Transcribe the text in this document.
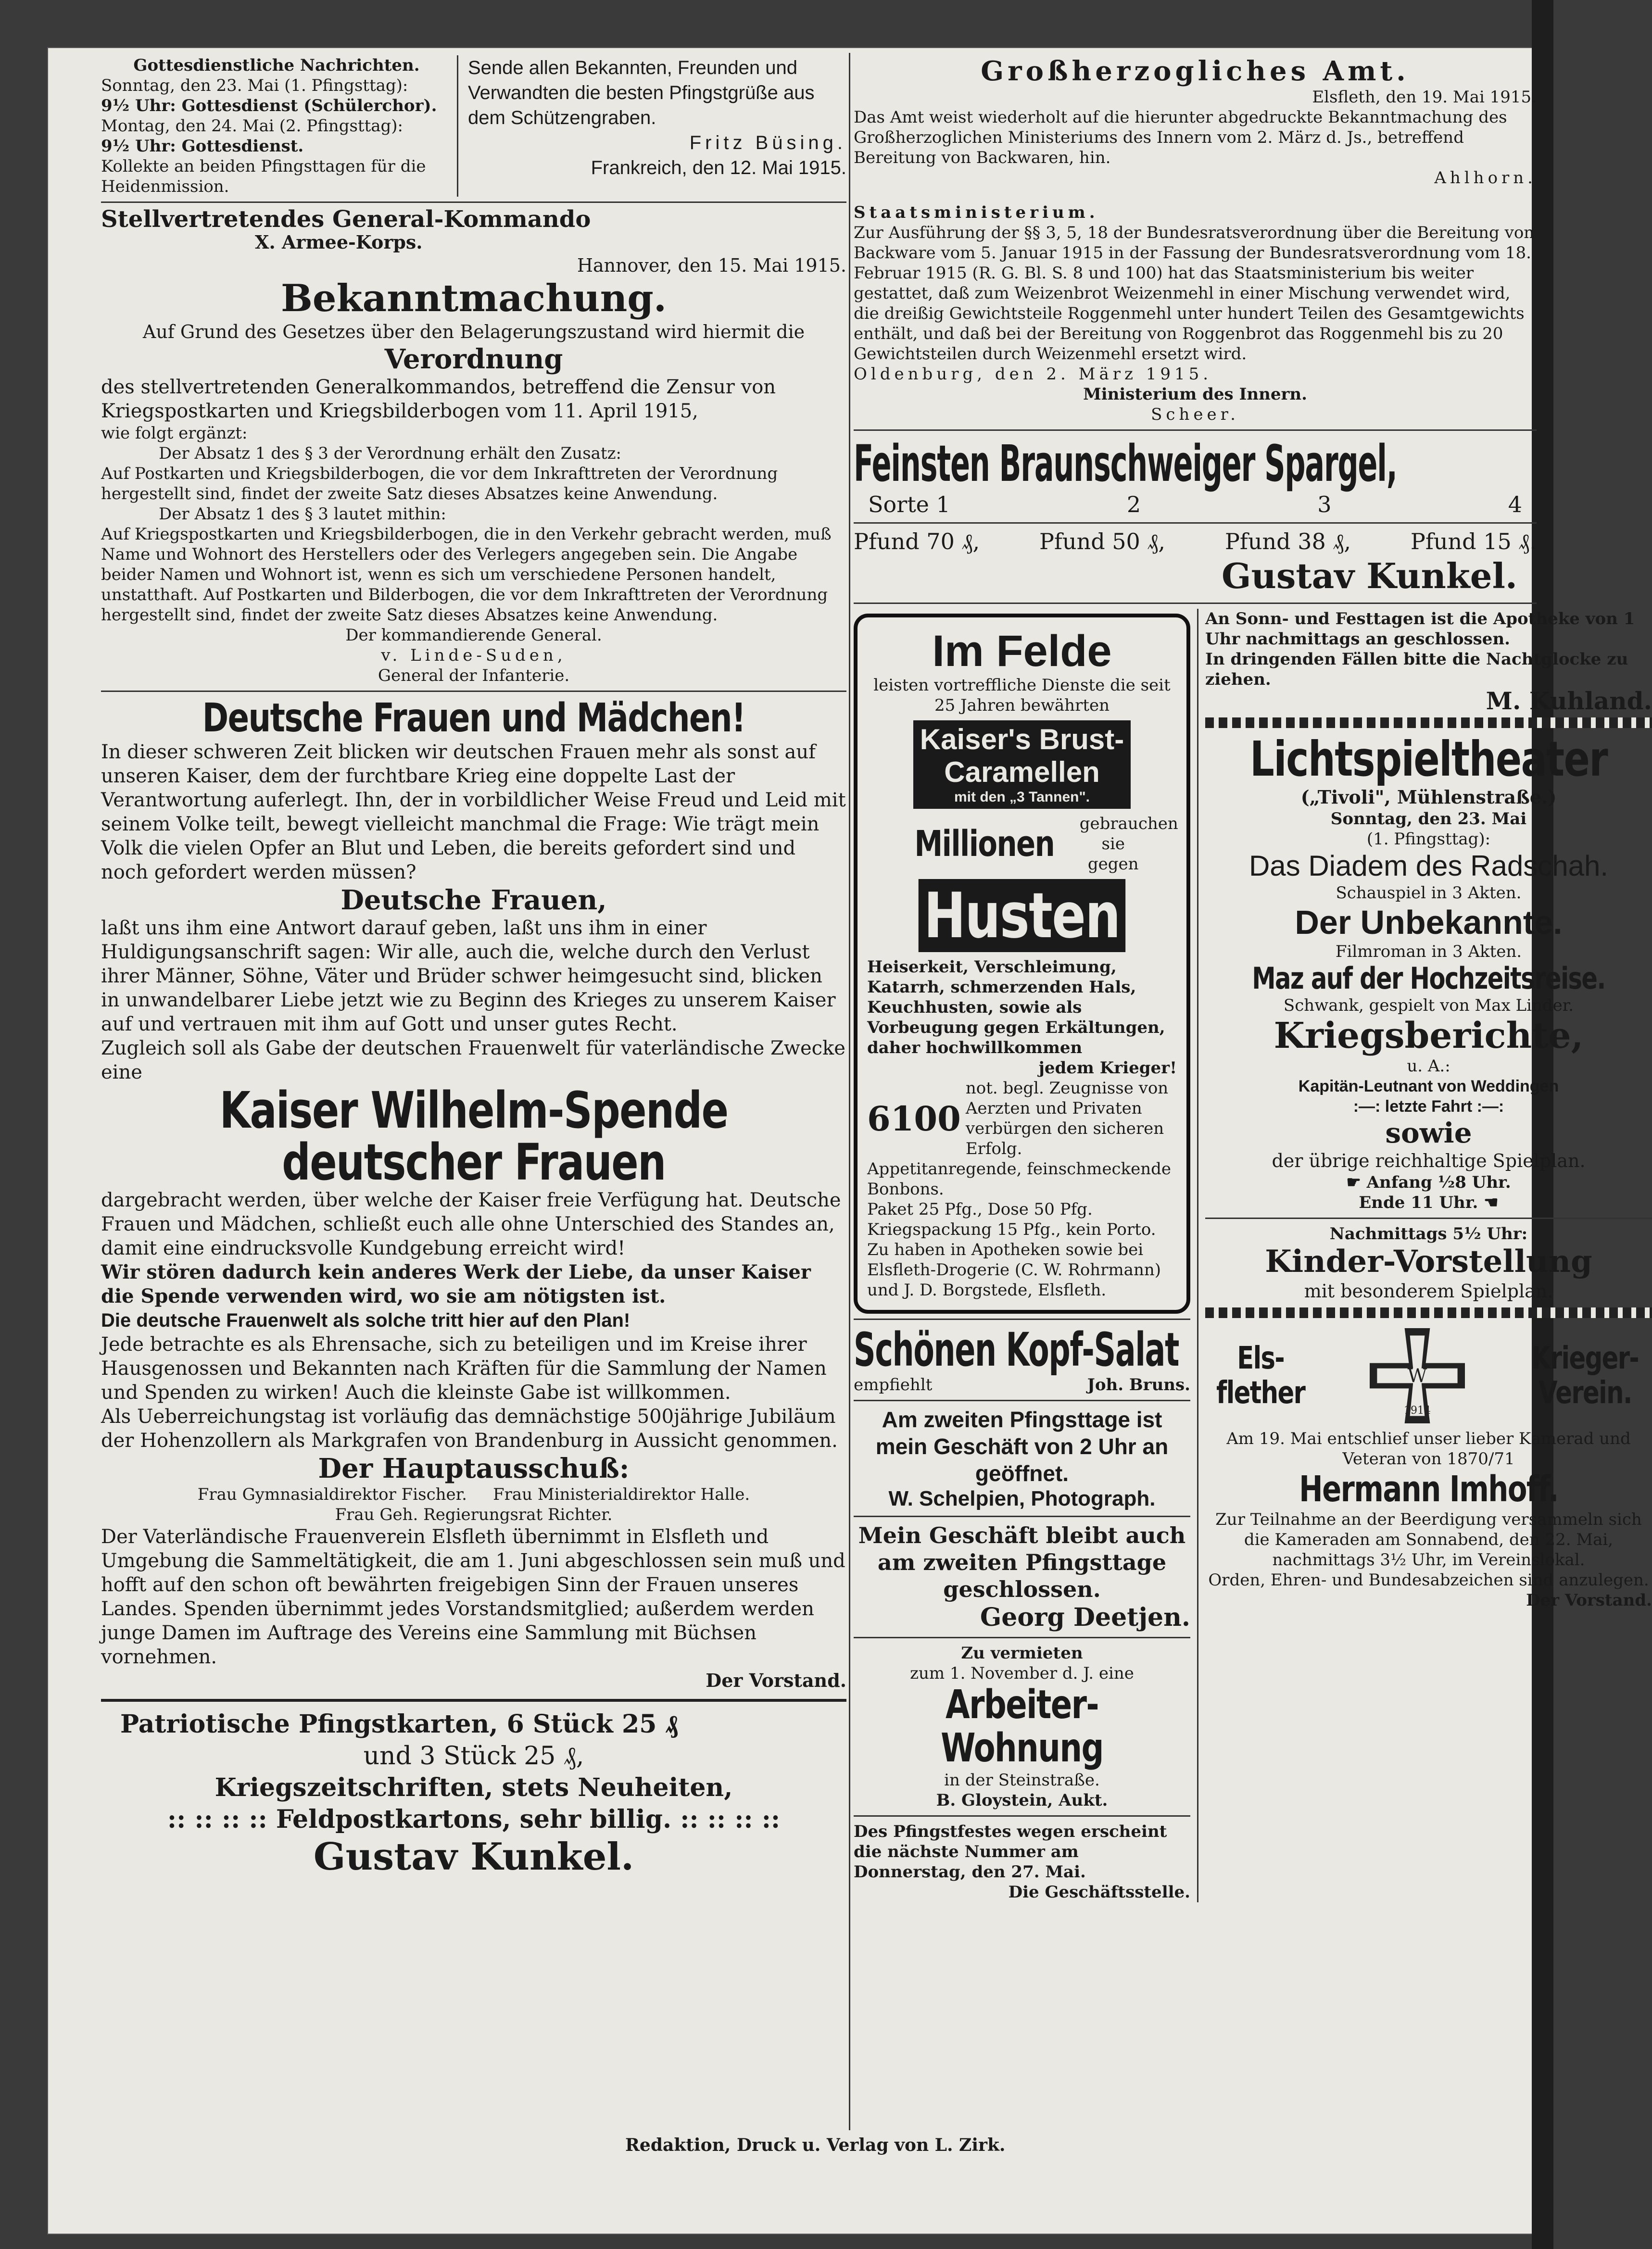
Gottesdienstliche Nachrichten.

Sonntag, den 23. Mai (1. Pfingsttag):

9½ Uhr: Gottesdienst (Schülerchor).

Montag, den 24. Mai (2. Pfingsttag):

9½ Uhr: Gottesdienst.

Kollekte an beiden Pfingsttagen für die Heidenmission.

Sende allen Bekannten, Freunden und Verwandten die besten Pfingstgrüße aus dem Schützengraben.

Fritz Büsing.

Frankreich, den 12. Mai 1915.

Stellvertretendes General-Kommando

X. Armee-Korps.

Hannover, den 15. Mai 1915.

Bekanntmachung.

Auf Grund des Gesetzes über den Belagerungszustand wird hiermit die

Verordnung

des stellvertretenden Generalkommandos, betreffend die Zensur von Kriegspostkarten und Kriegsbilderbogen vom 11. April 1915,

wie folgt ergänzt:

Der Absatz 1 des § 3 der Verordnung erhält den Zusatz:

Auf Postkarten und Kriegsbilderbogen, die vor dem Inkrafttreten der Verordnung hergestellt sind, findet der zweite Satz dieses Absatzes keine Anwendung.

Der Absatz 1 des § 3 lautet mithin:

Auf Kriegspostkarten und Kriegsbilderbogen, die in den Verkehr gebracht werden, muß Name und Wohnort des Herstellers oder des Verlegers angegeben sein. Die Angabe beider Namen und Wohnort ist, wenn es sich um verschiedene Personen handelt, unstatthaft. Auf Postkarten und Bilderbogen, die vor dem Inkrafttreten der Verordnung hergestellt sind, findet der zweite Satz dieses Absatzes keine Anwendung.

Der kommandierende General.

v. Linde-Suden,

General der Infanterie.

Deutsche Frauen und Mädchen!

In dieser schweren Zeit blicken wir deutschen Frauen mehr als sonst auf unseren Kaiser, dem der furchtbare Krieg eine doppelte Last der Verantwortung auferlegt. Ihn, der in vorbildlicher Weise Freud und Leid mit seinem Volke teilt, bewegt vielleicht manchmal die Frage: Wie trägt mein Volk die vielen Opfer an Blut und Leben, die bereits gefordert sind und noch gefordert werden müssen?

Deutsche Frauen,

laßt uns ihm eine Antwort darauf geben, laßt uns ihm in einer Huldigungsanschrift sagen: Wir alle, auch die, welche durch den Verlust ihrer Männer, Söhne, Väter und Brüder schwer heimgesucht sind, blicken in unwandelbarer Liebe jetzt wie zu Beginn des Krieges zu unserem Kaiser auf und vertrauen mit ihm auf Gott und unser gutes Recht.

Zugleich soll als Gabe der deutschen Frauenwelt für vaterländische Zwecke eine

Kaiser Wilhelm-Spende deutscher Frauen

dargebracht werden, über welche der Kaiser freie Verfügung hat. Deutsche Frauen und Mädchen, schließt euch alle ohne Unterschied des Standes an, damit eine eindrucksvolle Kundgebung erreicht wird!

Wir stören dadurch kein anderes Werk der Liebe, da unser Kaiser die Spende verwenden wird, wo sie am nötigsten ist.

Die deutsche Frauenwelt als solche tritt hier auf den Plan!

Jede betrachte es als Ehrensache, sich zu beteiligen und im Kreise ihrer Hausgenossen und Bekannten nach Kräften für die Sammlung der Namen und Spenden zu wirken! Auch die kleinste Gabe ist willkommen.

Als Ueberreichungstag ist vorläufig das demnächstige 500jährige Jubiläum der Hohenzollern als Markgrafen von Brandenburg in Aussicht genommen.

Der Hauptausschuß:

Frau Gymnasialdirektor Fischer.     Frau Ministerialdirektor Halle.

Frau Geh. Regierungsrat Richter.

Der Vaterländische Frauenverein Elsfleth übernimmt in Elsfleth und Umgebung die Sammeltätigkeit, die am 1. Juni abgeschlossen sein muß und hofft auf den schon oft bewährten freigebigen Sinn der Frauen unseres Landes. Spenden übernimmt jedes Vorstandsmitglied; außerdem werden junge Damen im Auftrage des Vereins eine Sammlung mit Büchsen vornehmen.

Der Vorstand.

Patriotische Pfingstkarten, 6 Stück 25 ₰

und 3 Stück 25 ₰,

Kriegszeitschriften, stets Neuheiten,

:: :: :: :: Feldpostkartons, sehr billig. :: :: :: ::

Gustav Kunkel.

Großherzogliches Amt.

Elsfleth, den 19. Mai 1915.

Das Amt weist wiederholt auf die hierunter abgedruckte Bekanntmachung des Großherzoglichen Ministeriums des Innern vom 2. März d. Js., betreffend Bereitung von Backwaren, hin.

Ahlhorn.

Staatsministerium.

Zur Ausführung der §§ 3, 5, 18 der Bundesratsverordnung über die Bereitung von Backware vom 5. Januar 1915 in der Fassung der Bundesratsverordnung vom 18. Februar 1915 (R. G. Bl. S. 8 und 100) hat das Staatsministerium bis weiter gestattet, daß zum Weizenbrot Weizenmehl in einer Mischung verwendet wird, die dreißig Gewichtsteile Roggenmehl unter hundert Teilen des Gesamtgewichts enthält, und daß bei der Bereitung von Roggenbrot das Roggenmehl bis zu 20 Gewichtsteilen durch Weizenmehl ersetzt wird.

Oldenburg, den 2. März 1915.

Ministerium des Innern.

Scheer.

Feinsten Braunschweiger Spargel,

Sorte 1	2	3	4
Pfund 70 ₰,	Pfund 50 ₰,	Pfund 38 ₰,	Pfund 15 ₰.

Gustav Kunkel.

Im Felde

leisten vortreffliche Dienste die seit 25 Jahren bewährten

Kaiser's Brust-
Caramellen
mit den „3 Tannen".
Millionen gebrauchen sie gegen
Husten

Heiserkeit, Verschleimung, Katarrh, schmerzenden Hals, Keuchhusten, sowie als Vorbeugung gegen Erkältungen, daher hochwillkommen

jedem Krieger!

6100
not. begl. Zeugnisse von Aerzten und Privaten verbürgen den sicheren Erfolg.

Appetitanregende, feinschmeckende Bonbons.

Paket 25 Pfg., Dose 50 Pfg. Kriegspackung 15 Pfg., kein Porto.

Zu haben in Apotheken sowie bei Elsfleth-Drogerie (C. W. Rohrmann) und J. D. Borgstede, Elsfleth.

Schönen Kopf-Salat

empfiehlt	Joh. Bruns.

Am zweiten Pfingsttage ist mein Geschäft von 2 Uhr an geöffnet.

W. Schelpien, Photograph.

Mein Geschäft bleibt auch am zweiten Pfingsttage geschlossen.

Georg Deetjen.

Zu vermieten

zum 1. November d. J. eine

Arbeiter-Wohnung

in der Steinstraße.

B. Gloystein, Aukt.

Des Pfingstfestes wegen erscheint die nächste Nummer am Donnerstag, den 27. Mai.

Die Geschäftsstelle.

An Sonn- und Festtagen ist die Apotheke von 1 Uhr nachmittags an geschlossen.

In dringenden Fällen bitte die Nachtglocke zu ziehen.

M. Kuhland.

Lichtspieltheater

(„Tivoli", Mühlenstraße.)

Sonntag, den 23. Mai

(1. Pfingsttag):

Das Diadem des Radschah.

Schauspiel in 3 Akten.

Der Unbekannte.

Filmroman in 3 Akten.

Maz auf der Hochzeitsreise.

Schwank, gespielt von Max Linder.

Kriegsberichte,

u. A.:

Kapitän-Leutnant von Weddingen

:—: letzte Fahrt :—:

sowie

der übrige reichhaltige Spielplan.

☛ Anfang ½8 Uhr.

Ende 11 Uhr. ☚

Nachmittags 5½ Uhr:

Kinder-Vorstellung

mit besonderem Spielplan.

Els-
flether	W
1914
Krieger-
Verein.

Am 19. Mai entschlief unser lieber Kamerad und Veteran von 1870/71

Hermann Imhoff.

Zur Teilnahme an der Beerdigung versammeln sich die Kameraden am Sonnabend, den 22. Mai, nachmittags 3½ Uhr, im Vereinslokal.

Orden, Ehren- und Bundesabzeichen sind anzulegen.

Der Vorstand.

Redaktion, Druck u. Verlag von L. Zirk.
